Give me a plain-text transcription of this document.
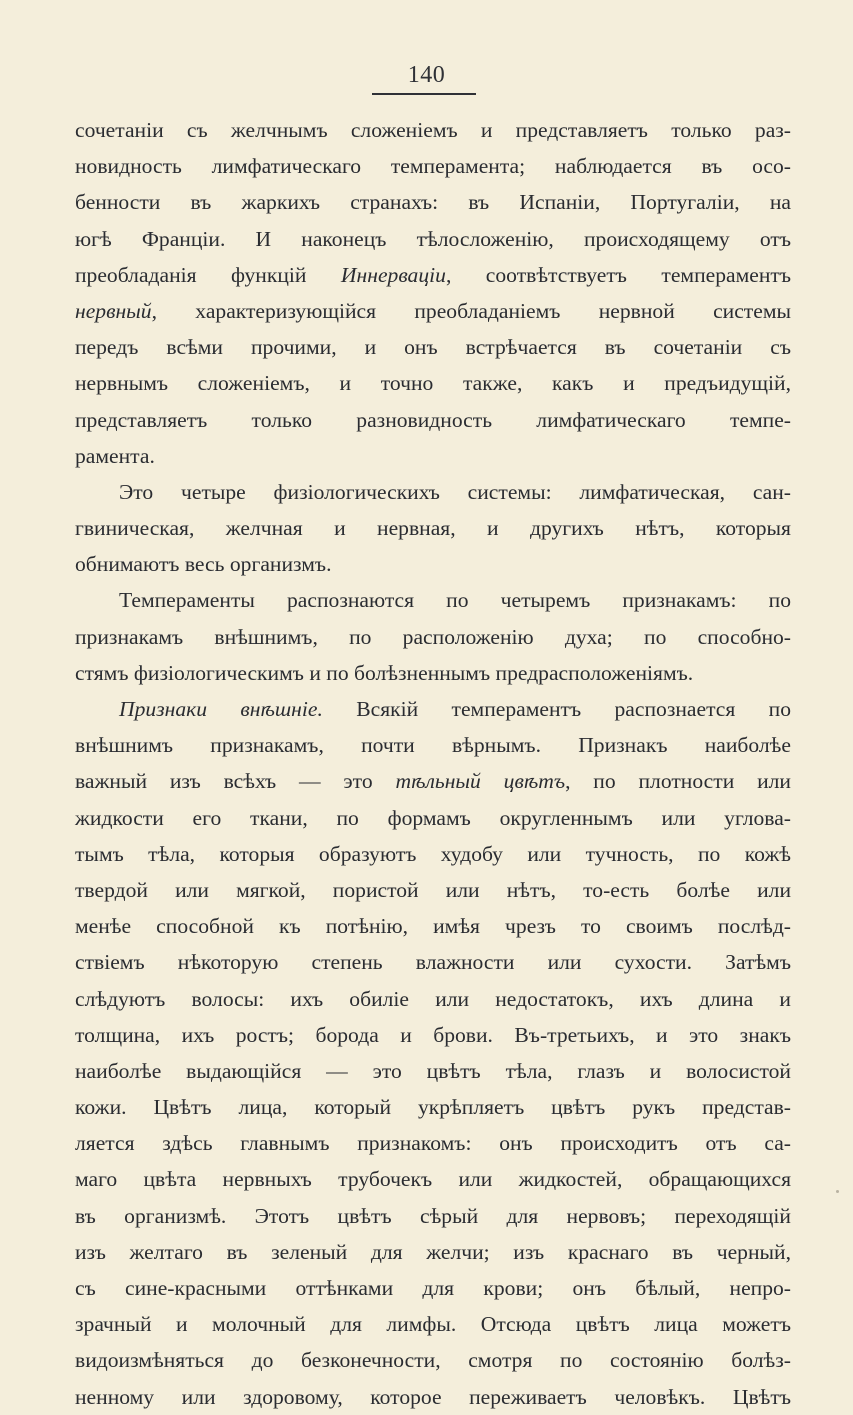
140
сочетаніи съ желчнымъ сложеніемъ и представляетъ только раз-
новидность лимфатическаго темперамента; наблюдается въ осо-
бенности въ жаркихъ странахъ: въ Испаніи, Португаліи, на
югѣ Франціи. И наконецъ тѣлосложенію, происходящему отъ
преобладанія функцій Иннерваціи, соотвѣтствуетъ темпераментъ
нервный, характеризующійся преобладаніемъ нервной системы
передъ всѣми прочими, и онъ встрѣчается въ сочетаніи съ
нервнымъ сложеніемъ, и точно также, какъ и предъидущій,
представляетъ только разновидность лимфатическаго темпе-
рамента.
Это четыре физіологическихъ системы: лимфатическая, сан-
гвиническая, желчная и нервная, и другихъ нѣтъ, которыя
обнимаютъ весь организмъ.
Темпераменты распознаются по четыремъ признакамъ: по
признакамъ внѣшнимъ, по расположенію духа; по способно-
стямъ физіологическимъ и по болѣзненнымъ предрасположеніямъ.
Признаки внѣшніе. Всякій темпераментъ распознается по
внѣшнимъ признакамъ, почти вѣрнымъ. Признакъ наиболѣе
важный изъ всѣхъ — это тѣльный цвѣтъ, по плотности или
жидкости его ткани, по формамъ округленнымъ или углова-
тымъ тѣла, которыя образуютъ худобу или тучность, по кожѣ
твердой или мягкой, пористой или нѣтъ, то-есть болѣе или
менѣе способной къ потѣнію, имѣя чрезъ то своимъ послѣд-
ствіемъ нѣкоторую степень влажности или сухости. Затѣмъ
слѣдуютъ волосы: ихъ обиліе или недостатокъ, ихъ длина и
толщина, ихъ ростъ; борода и брови. Въ-третьихъ, и это знакъ
наиболѣе выдающійся — это цвѣтъ тѣла, глазъ и волосистой
кожи. Цвѣтъ лица, который укрѣпляетъ цвѣтъ рукъ представ-
ляется здѣсь главнымъ признакомъ: онъ происходитъ отъ са-
маго цвѣта нервныхъ трубочекъ или жидкостей, обращающихся
въ организмѣ. Этотъ цвѣтъ сѣрый для нервовъ; переходящій
изъ желтаго въ зеленый для желчи; изъ краснаго въ черный,
съ сине-красными оттѣнками для крови; онъ бѣлый, непро-
зрачный и молочный для лимфы. Отсюда цвѣтъ лица можетъ
видоизмѣняться до безконечности, смотря по состоянію болѣз-
ненному или здоровому, которое переживаетъ человѣкъ. Цвѣтъ
